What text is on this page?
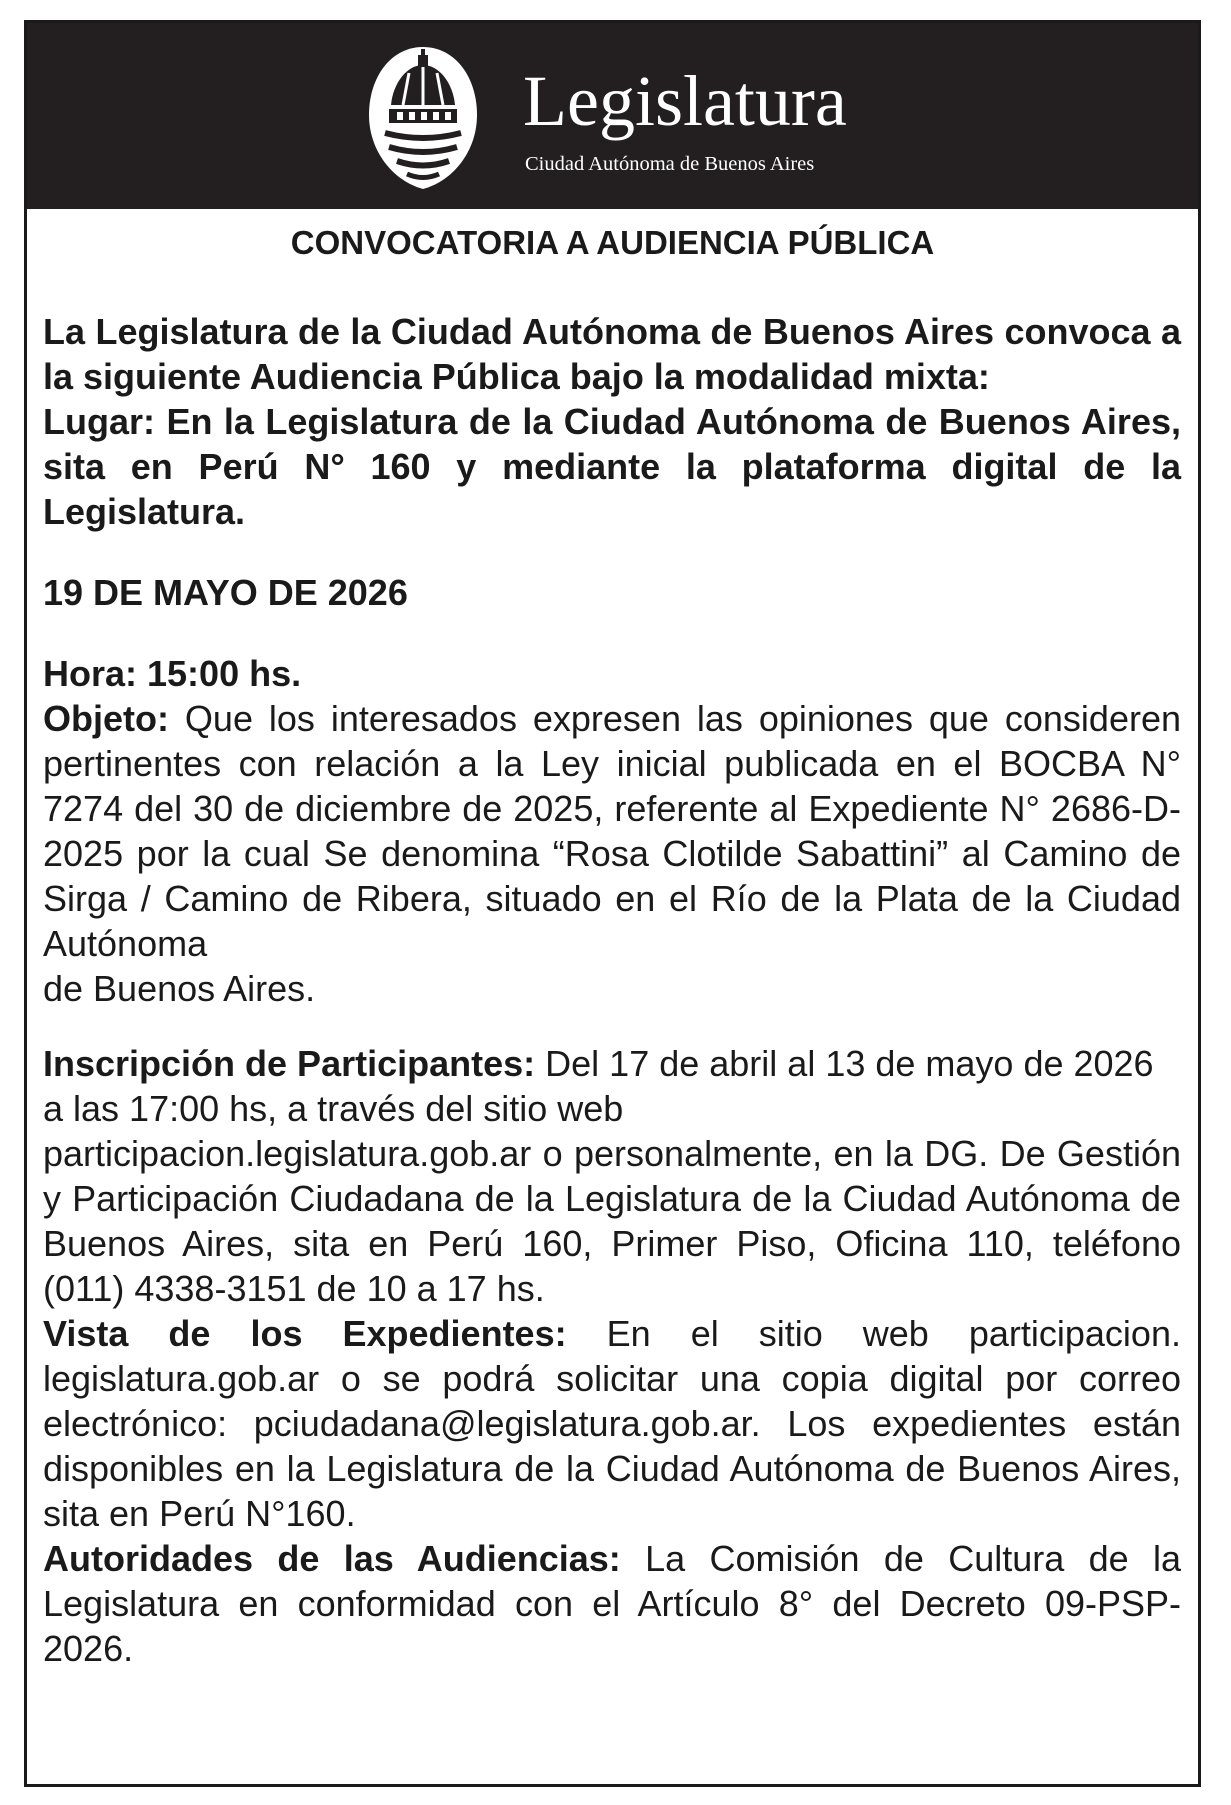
Legislatura
Ciudad Autónoma de Buenos Aires
CONVOCATORIA A AUDIENCIA PÚBLICA

La Legislatura de la Ciudad Autónoma de Buenos Aires convoca a la siguiente Audiencia Pública bajo la modalidad mixta:

Lugar: En la Legislatura de la Ciudad Autónoma de Buenos Aires, sita en Perú N° 160 y mediante la plataforma digital de la Legislatura.

19 DE MAYO DE 2026

Hora: 15:00 hs.

Objeto: Que los interesados expresen las opiniones que consideren pertinentes con relación a la Ley inicial publicada en el BOCBA N° 7274 del 30 de diciembre de 2025, referente al Expediente N° 2686-D-2025 por la cual Se denomina “Rosa Clotilde Sabattini” al Camino de Sirga / Camino de Ribera, situado en el Río de la Plata de la Ciudad Autónoma

de Buenos Aires.

Inscripción de Participantes: Del 17 de abril al 13 de mayo de 2026 a las 17:00 hs, a través del sitio web

participacion.legislatura.gob.ar o personalmente, en la DG. De Gestión y Participación Ciudadana de la Legislatura de la Ciudad Autónoma de Buenos Aires, sita en Perú 160, Primer Piso, Oficina 110, teléfono (011) 4338-3151 de 10 a 17 hs.

Vista de los Expedientes: En el sitio web participacion. legislatura.gob.ar o se podrá solicitar una copia digital por correo electrónico: pciudadana@legislatura.gob.ar. Los expedientes están disponibles en la Legislatura de la Ciudad Autónoma de Buenos Aires, sita en Perú N°160.

Autoridades de las Audiencias: La Comisión de Cultura de la Legislatura en conformidad con el Artículo 8° del Decreto 09-PSP-2026.
